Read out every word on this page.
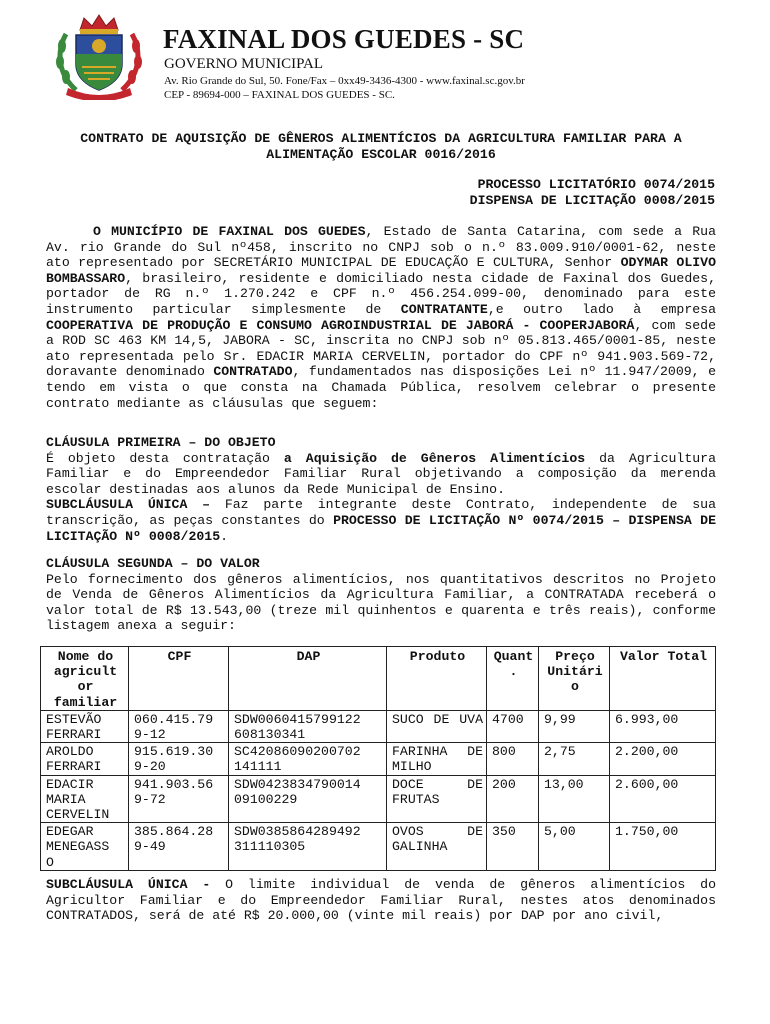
FAXINAL DOS GUEDES - SC
GOVERNO MUNICIPAL
Av. Rio Grande do Sul, 50. Fone/Fax – 0xx49-3436-4300 - www.faxinal.sc.gov.br
CEP - 89694-000 – FAXINAL DOS GUEDES - SC.
CONTRATO DE AQUISIÇÃO DE GÊNEROS ALIMENTÍCIOS DA AGRICULTURA FAMILIAR PARA A
ALIMENTAÇÃO ESCOLAR 0016/2016
PROCESSO LICITATÓRIO 0074/2015
DISPENSA DE LICITAÇÃO 0008/2015

O MUNICÍPIO DE FAXINAL DOS GUEDES, Estado de Santa Catarina, com sede a Rua Av. rio Grande do Sul nº458, inscrito no CNPJ sob o n.º 83.009.910/0001-62, neste ato representado por SECRETÁRIO MUNICIPAL DE EDUCAÇÃO E CULTURA, Senhor ODYMAR OLIVO BOMBASSARO, brasileiro, residente e domiciliado nesta cidade de Faxinal dos Guedes, portador de RG n.º 1.270.242 e CPF n.º 456.254.099-00, denominado para este instrumento particular simplesmente de CONTRATANTE,e outro lado à empresa COOPERATIVA DE PRODUÇÃO E CONSUMO AGROINDUSTRIAL DE JABORÁ - COOPERJABORÁ, com sede a ROD SC 463 KM 14,5, JABORA - SC, inscrita no CNPJ sob nº 05.813.465/0001-85, neste ato representada pelo Sr. EDACIR MARIA CERVELIN, portador do CPF nº 941.903.569-72, doravante denominado CONTRATADO, fundamentados nas disposições Lei nº 11.947/2009, e tendo em vista o que consta na Chamada Pública, resolvem celebrar o presente contrato mediante as cláusulas que seguem:

CLÁUSULA PRIMEIRA – DO OBJETO

É objeto desta contratação a Aquisição de Gêneros Alimentícios da Agricultura Familiar e do Empreendedor Familiar Rural objetivando a composição da merenda escolar destinadas aos alunos da Rede Municipal de Ensino.

SUBCLÁUSULA ÚNICA – Faz parte integrante deste Contrato, independente de sua transcrição, as peças constantes do PROCESSO DE LICITAÇÃO Nº 0074/2015 – DISPENSA DE LICITAÇÃO Nº 0008/2015.

CLÁUSULA SEGUNDA – DO VALOR

Pelo fornecimento dos gêneros alimentícios, nos quantitativos descritos no Projeto de Venda de Gêneros Alimentícios da Agricultura Familiar, a CONTRATADA receberá o valor total de R$ 13.543,00 (treze mil quinhentos e quarenta e três reais), conforme listagem anexa a seguir:

Nome do agricult or familiar	CPF	DAP	Produto	Quant .	Preço Unitári o	Valor Total
ESTEVÃO FERRARI	060.415.79 9-12	SDW0060415799122 608130341	SUCO DE UVA	4700	9,99	6.993,00
AROLDO FERRARI	915.619.30 9-20	SC42086090200702 141111	FARINHA DE MILHO	800	2,75	2.200,00
EDACIR MARIA CERVELIN	941.903.56 9-72	SDW0423834790014 09100229	DOCE DE FRUTAS	200	13,00	2.600,00
EDEGAR MENEGASS O	385.864.28 9-49	SDW0385864289492 311110305	OVOS DE GALINHA	350	5,00	1.750,00

SUBCLÁUSULA ÚNICA - O limite individual de venda de gêneros alimentícios do Agricultor Familiar e do Empreendedor Familiar Rural, nestes atos denominados CONTRATADOS, será de até R$ 20.000,00 (vinte mil reais) por DAP por ano civil,
